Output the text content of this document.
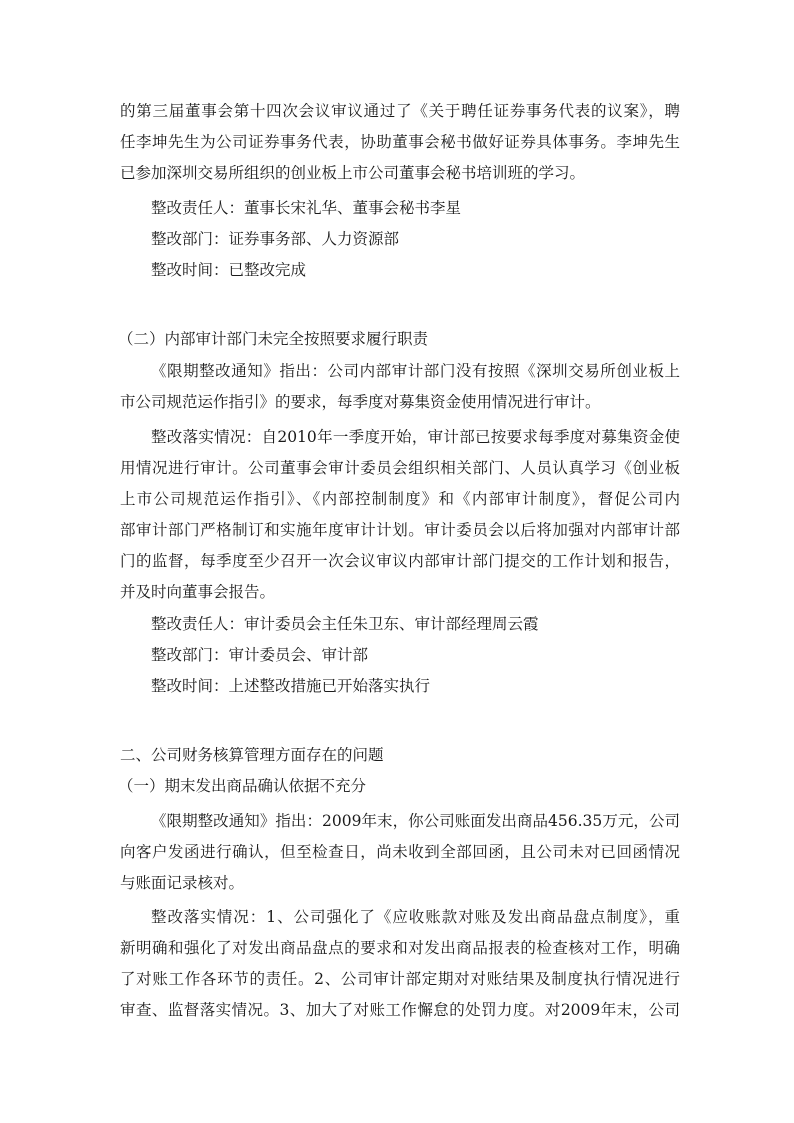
的第三届董事会第十四次会议审议通过了《关于聘任证券事务代表的议案》，聘
任李坤先生为公司证券事务代表，协助董事会秘书做好证券具体事务。李坤先生
已参加深圳交易所组织的创业板上市公司董事会秘书培训班的学习。
整改责任人：董事长宋礼华、董事会秘书李星
整改部门：证券事务部、人力资源部
整改时间：已整改完成
（二）内部审计部门未完全按照要求履行职责
《限期整改通知》指出：公司内部审计部门没有按照《深圳交易所创业板上
市公司规范运作指引》的要求，每季度对募集资金使用情况进行审计。
整改落实情况：自2010年一季度开始，审计部已按要求每季度对募集资金使
用情况进行审计。公司董事会审计委员会组织相关部门、人员认真学习《创业板
上市公司规范运作指引》、《内部控制制度》和《内部审计制度》，督促公司内
部审计部门严格制订和实施年度审计计划。审计委员会以后将加强对内部审计部
门的监督，每季度至少召开一次会议审议内部审计部门提交的工作计划和报告，
并及时向董事会报告。
整改责任人：审计委员会主任朱卫东、审计部经理周云霞
整改部门：审计委员会、审计部
整改时间：上述整改措施已开始落实执行
二、公司财务核算管理方面存在的问题
（一）期末发出商品确认依据不充分
《限期整改通知》指出：2009年末，你公司账面发出商品456.35万元，公司
向客户发函进行确认，但至检查日，尚未收到全部回函，且公司未对已回函情况
与账面记录核对。
整改落实情况：1、公司强化了《应收账款对账及发出商品盘点制度》，重
新明确和强化了对发出商品盘点的要求和对发出商品报表的检查核对工作，明确
了对账工作各环节的责任。2、公司审计部定期对对账结果及制度执行情况进行
审查、监督落实情况。3、加大了对账工作懈怠的处罚力度。对2009年末，公司
